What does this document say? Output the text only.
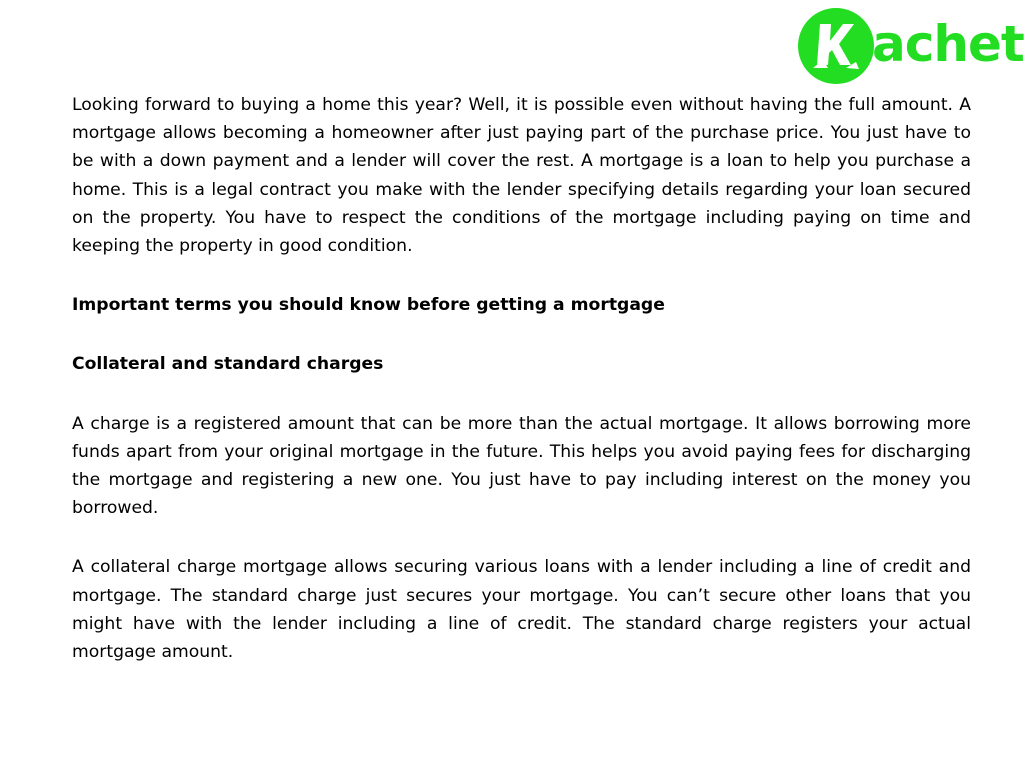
achet

Looking forward to buying a home this year? Well, it is possible even without having the full amount. A mortgage allows becoming a homeowner after just paying part of the purchase price. You just have to be with a down payment and a lender will cover the rest. A mortgage is a loan to help you purchase a home. This is a legal contract you make with the lender specifying details regarding your loan secured on the property. You have to respect the conditions of the mortgage including paying on time and keeping the property in good condition.

Important terms you should know before getting a mortgage

Collateral and standard charges

A charge is a registered amount that can be more than the actual mortgage. It allows borrowing more funds apart from your original mortgage in the future. This helps you avoid paying fees for discharging the mortgage and registering a new one. You just have to pay including interest on the money you borrowed.

A collateral charge mortgage allows securing various loans with a lender including a line of credit and mortgage. The standard charge just secures your mortgage. You can’t secure other loans that you might have with the lender including a line of credit. The standard charge registers your actual mortgage amount.
